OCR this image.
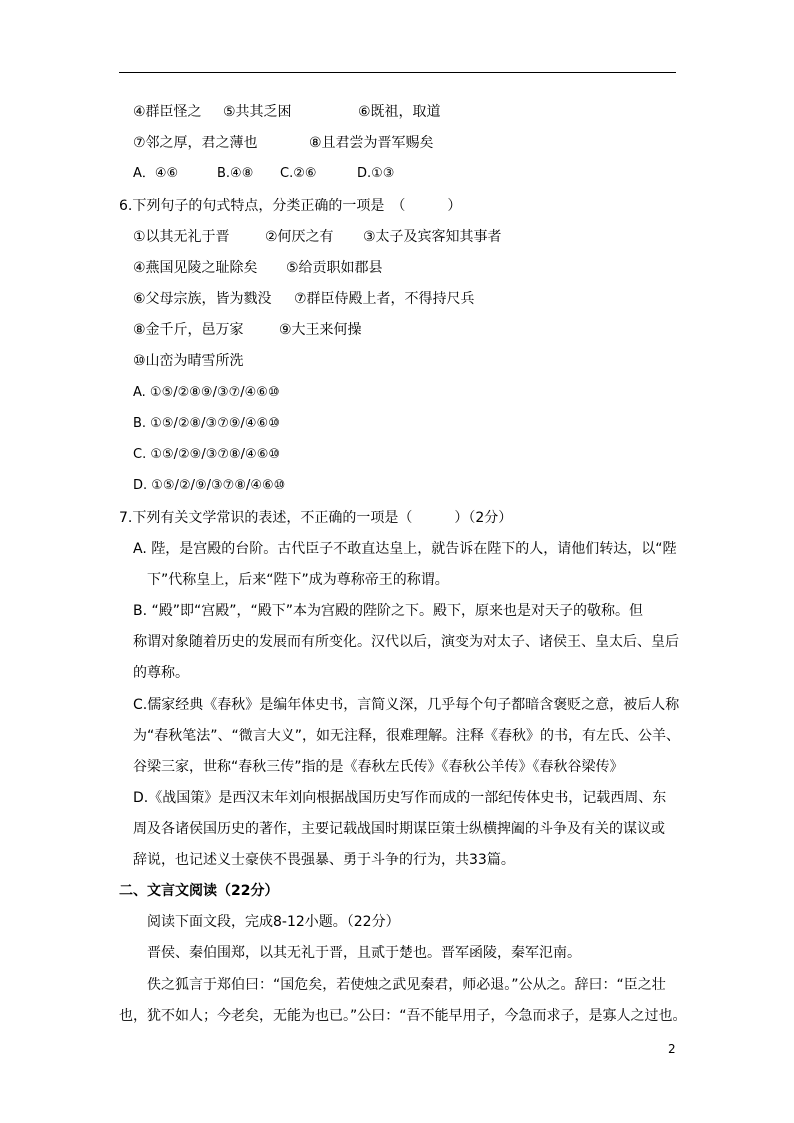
④群臣怪之 ⑤共其乏困	⑥既祖，取道
⑦邻之厚，君之薄也	⑧且君尝为晋军赐矣
A．④⑥	B.④⑧ C.②⑥	D.①③
6.下列句子的句式特点，分类正确的一项是　（　　　）
①以其无礼于晋	②何厌之有 ③太子及宾客知其事者
④燕国见陵之耻除矣 ⑤给贡职如郡县
⑥父母宗族，皆为戮没 ⑦群臣侍殿上者，不得持尺兵
⑧金千斤，邑万家	⑨大王来何操
⑩山峦为晴雪所洗
A. ①⑤/②⑧⑨/③⑦/④⑥⑩
B. ①⑤/②⑧/③⑦⑨/④⑥⑩
C. ①⑤/②⑨/③⑦⑧/④⑥⑩
D. ①⑤/②/⑨/③⑦⑧/④⑥⑩
7.下列有关文学常识的表述，不正确的一项是（　　　）（2分）
A. 陛，是宫殿的台阶。古代臣子不敢直达皇上，就告诉在陛下的人，请他们转达，以“陛
　下”代称皇上，后来“陛下”成为尊称帝王的称谓。
B. “殿”即“宫殿”，“殿下”本为宫殿的陛阶之下。殿下，原来也是对天子的敬称。但
称谓对象随着历史的发展而有所变化。汉代以后，演变为对太子、诸侯王、皇太后、皇后
的尊称。
C.儒家经典《春秋》是编年体史书，言简义深，几乎每个句子都暗含褒贬之意，被后人称
为“春秋笔法”、“微言大义”，如无注释，很难理解。注释《春秋》的书，有左氏、公羊、
谷梁三家，世称“春秋三传”指的是《春秋左氏传》《春秋公羊传》《春秋谷梁传》
D.《战国策》是西汉末年刘向根据战国历史写作而成的一部纪传体史书，记载西周、东
周及各诸侯国历史的著作，主要记载战国时期谋臣策士纵横捭阖的斗争及有关的谋议或
辞说，也记述义士豪侠不畏强暴、勇于斗争的行为，共33篇。
二、文言文阅读（22分）
阅读下面文段，完成8-12小题。（22分）
晋侯、秦伯围郑，以其无礼于晋，且贰于楚也。晋军函陵，秦军氾南。
佚之狐言于郑伯曰：“国危矣，若使烛之武见秦君，师必退。”公从之。辞曰：“臣之壮
也，犹不如人；今老矣，无能为也已。”公曰：“吾不能早用子，今急而求子，是寡人之过也。
2
